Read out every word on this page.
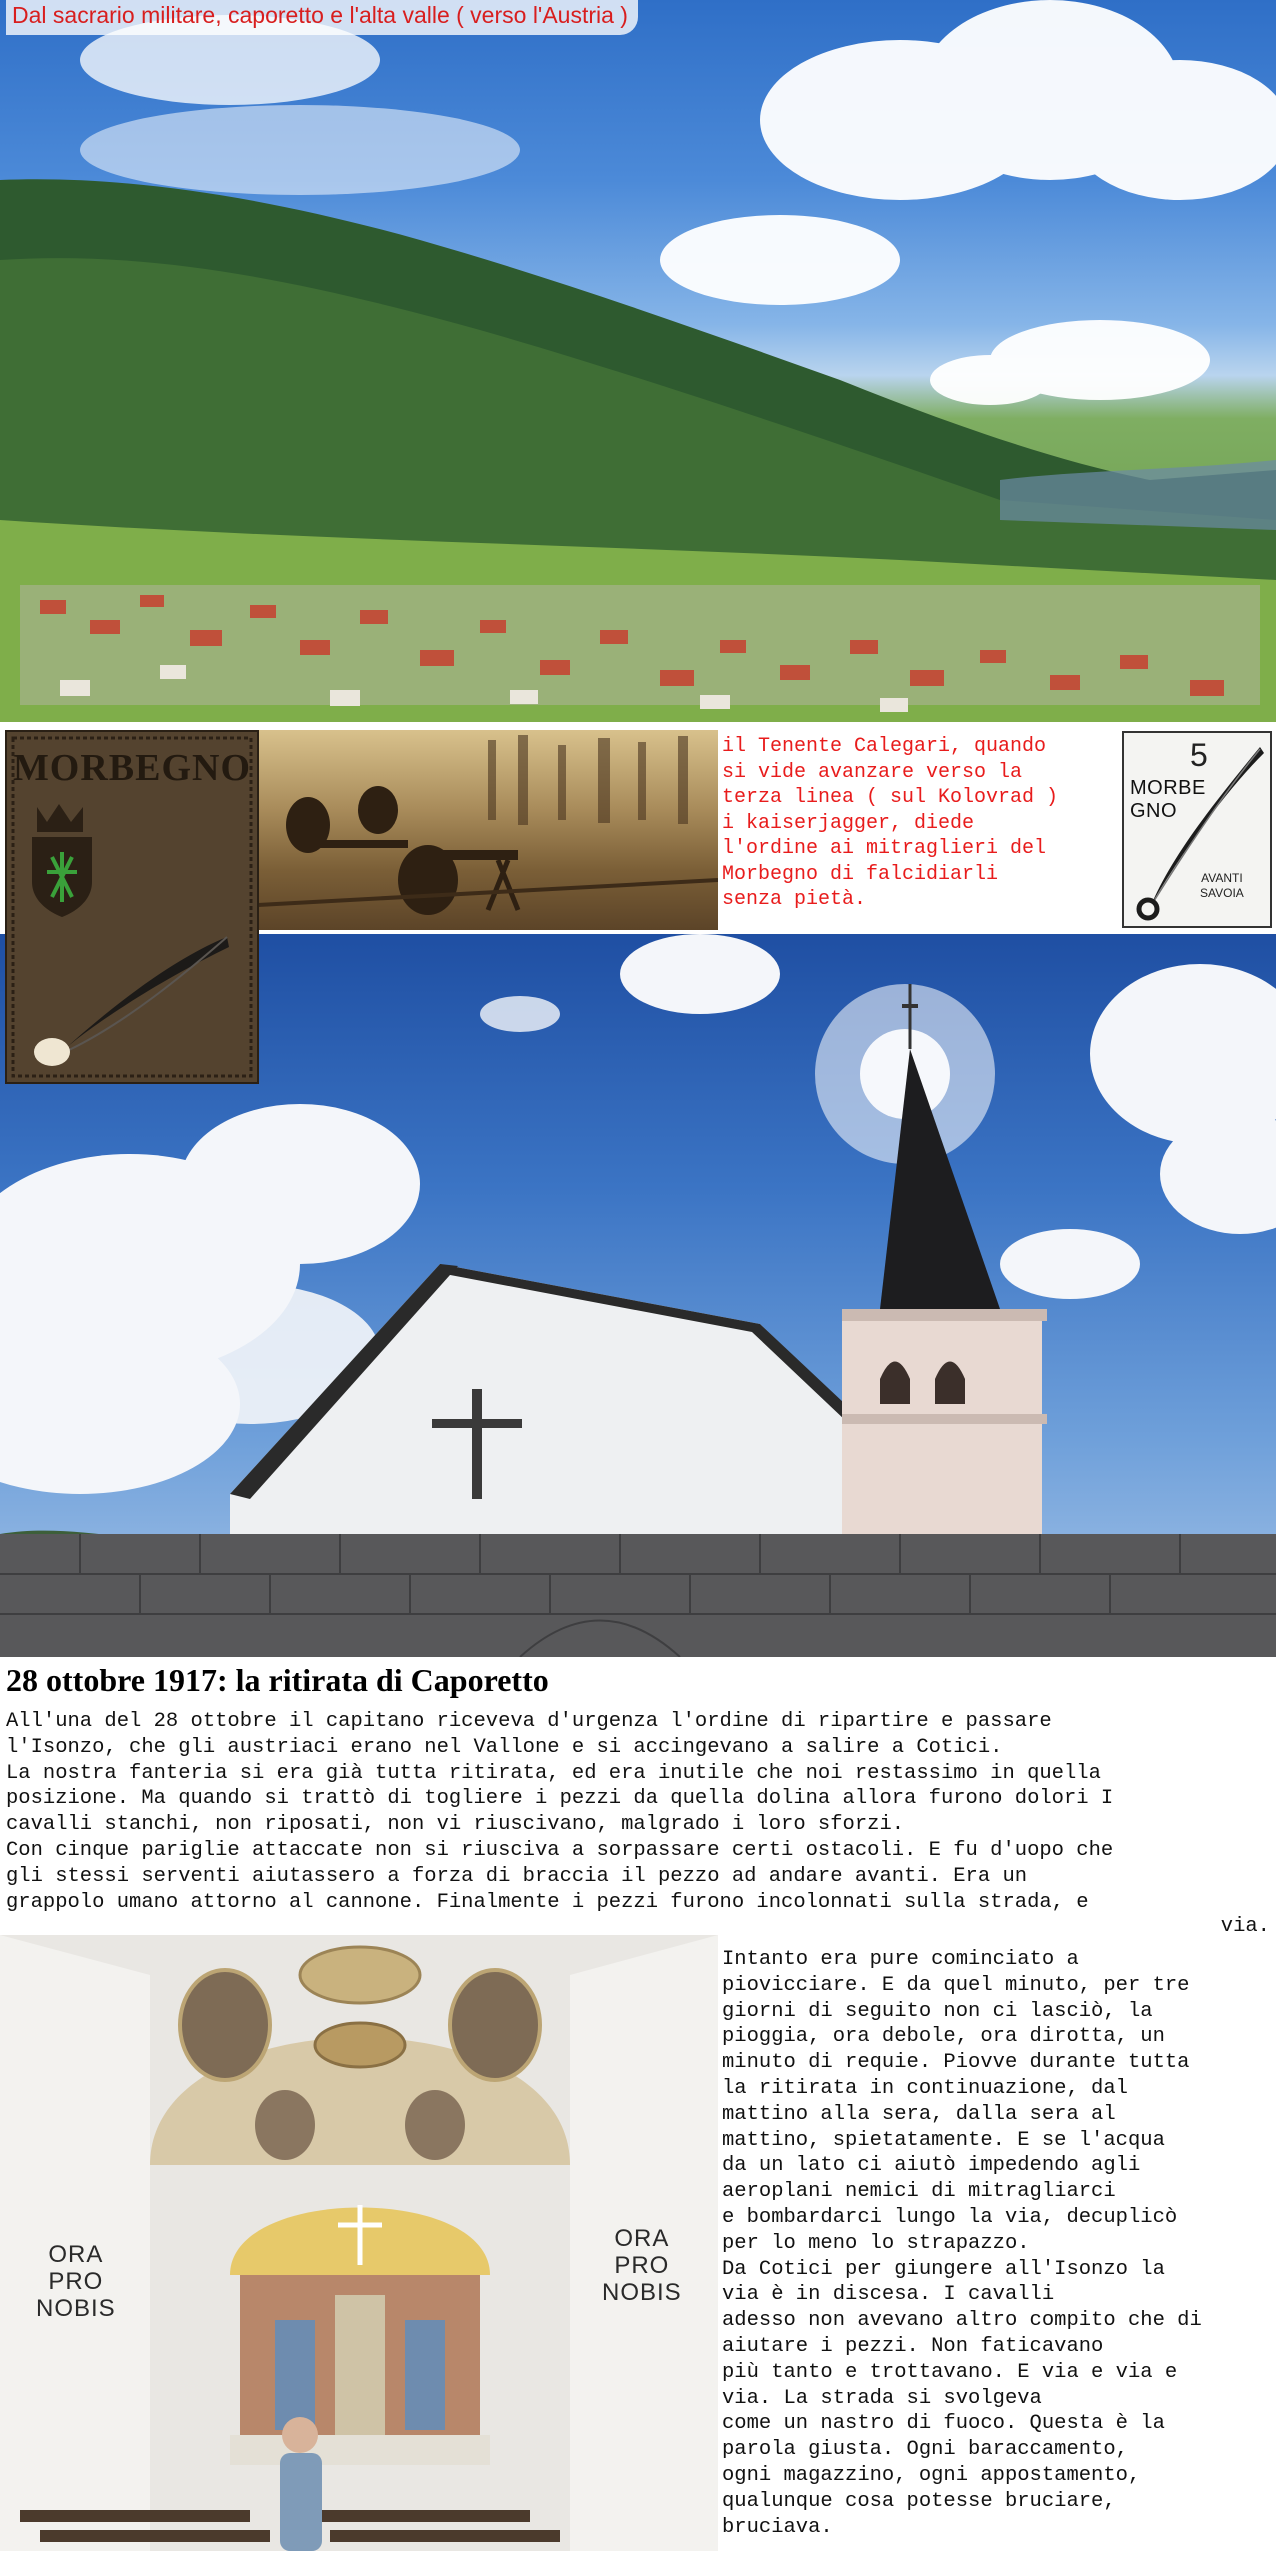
Dal sacrario militare, caporetto e l'alta valle ( verso l'Austria )
MORBEGNO
il Tenente Calegari, quando
si vide avanzare verso la
terza linea ( sul Kolovrad )
i kaiserjagger, diede
l'ordine ai mitraglieri del
Morbegno di falcidiarli
senza pietà.
5
MORBEGNO
AVANTI
SAVOIA
28 ottobre 1917: la ritirata di Caporetto
All'una del 28 ottobre il capitano riceveva d'urgenza l'ordine di ripartire e passare
l'Isonzo, che gli austriaci erano nel Vallone e si accingevano a salire a Cotici.
La nostra fanteria si era già tutta ritirata, ed era inutile che noi restassimo in quella
posizione. Ma quando si trattò di togliere i pezzi da quella dolina allora furono dolori I
cavalli stanchi, non riposati, non vi riuscivano, malgrado i loro sforzi.
Con cinque pariglie attaccate non si riusciva a sorpassare certi ostacoli. E fu d'uopo che
gli stessi serventi aiutassero a forza di braccia il pezzo ad andare avanti. Era un
grappolo umano attorno al cannone. Finalmente i pezzi furono incolonnati sulla strada, e
via.
ORA
PRO
NOBIS
ORA
PRO
NOBIS
Intanto era pure cominciato a
piovicciare. E da quel minuto, per tre
giorni di seguito non ci lasciò, la
pioggia, ora debole, ora dirotta, un
minuto di requie. Piovve durante tutta
la ritirata in continuazione, dal
mattino alla sera, dalla sera al
mattino, spietatamente. E se l'acqua
da un lato ci aiutò impedendo agli
aeroplani nemici di mitragliarci
e bombardarci lungo la via, decuplicò
per lo meno lo strapazzo.
Da Cotici per giungere all'Isonzo la
via è in discesa. I cavalli
adesso non avevano altro compito che di
aiutare i pezzi. Non faticavano
più tanto e trottavano. E via e via e
via. La strada si svolgeva
come un nastro di fuoco. Questa è la
parola giusta. Ogni baraccamento,
ogni magazzino, ogni appostamento,
qualunque cosa potesse bruciare,
bruciava.
